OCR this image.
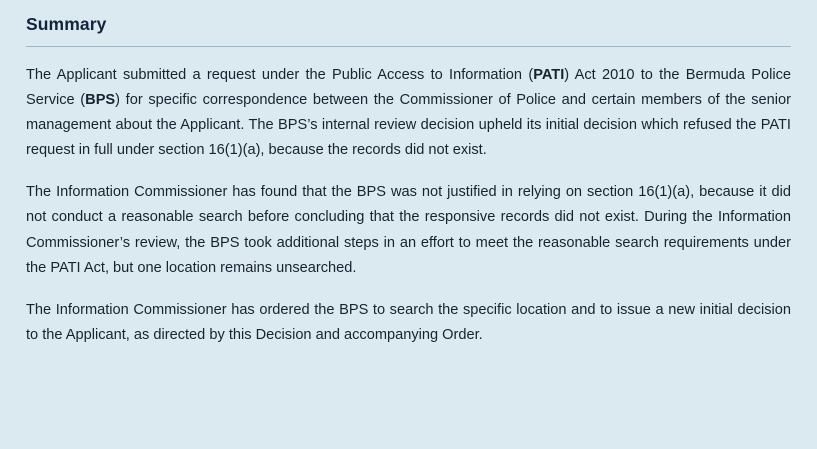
Summary

The Applicant submitted a request under the Public Access to Information (PATI) Act 2010 to the Bermuda Police Service (BPS) for specific correspondence between the Commissioner of Police and certain members of the senior management about the Applicant. The BPS’s internal review decision upheld its initial decision which refused the PATI request in full under section 16(1)(a), because the records did not exist.

The Information Commissioner has found that the BPS was not justified in relying on section 16(1)(a), because it did not conduct a reasonable search before concluding that the responsive records did not exist. During the Information Commissioner’s review, the BPS took additional steps in an effort to meet the reasonable search requirements under the PATI Act, but one location remains unsearched.

The Information Commissioner has ordered the BPS to search the specific location and to issue a new initial decision to the Applicant, as directed by this Decision and accompanying Order.
